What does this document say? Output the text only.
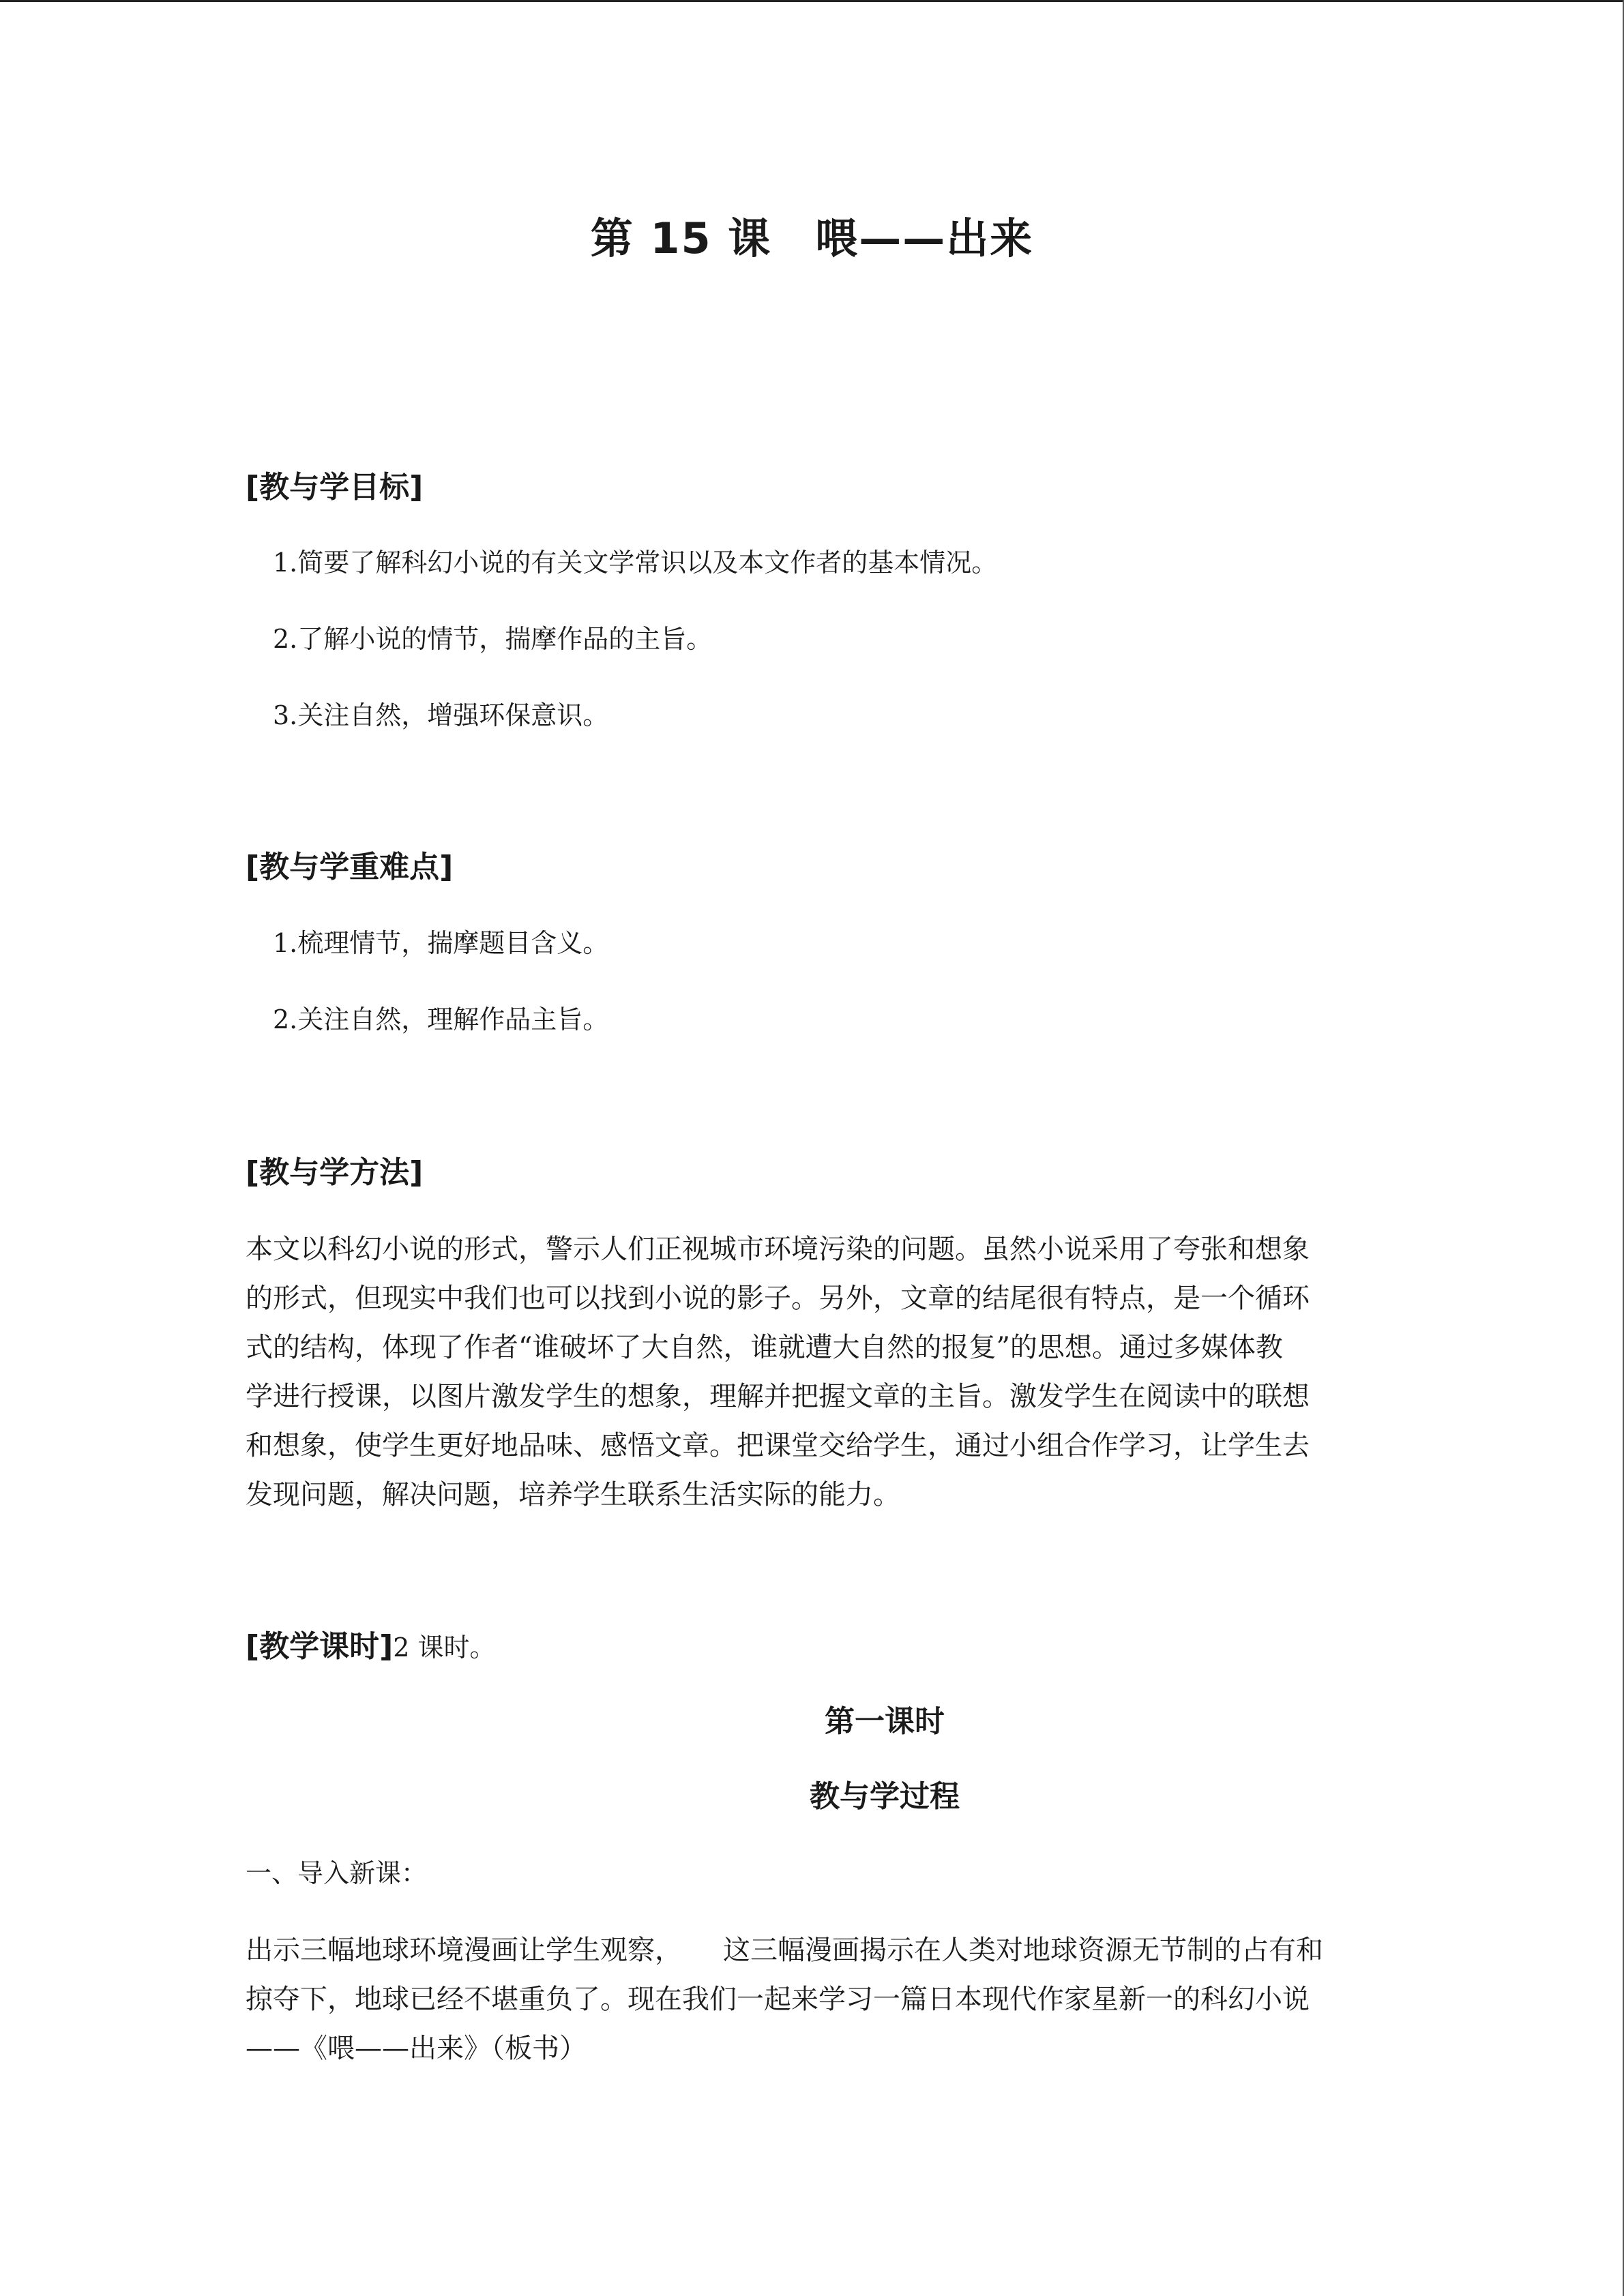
第 15 课　喂——出来
[教与学目标]
1.简要了解科幻小说的有关文学常识以及本文作者的基本情况。
2.了解小说的情节，揣摩作品的主旨。
3.关注自然，增强环保意识。
[教与学重难点]
1.梳理情节，揣摩题目含义。
2.关注自然，理解作品主旨。
[教与学方法]
本文以科幻小说的形式，警示人们正视城市环境污染的问题。虽然小说采用了夸张和想象
的形式，但现实中我们也可以找到小说的影子。另外，文章的结尾很有特点，是一个循环
式的结构，体现了作者“谁破坏了大自然，谁就遭大自然的报复”的思想。通过多媒体教
学进行授课，以图片激发学生的想象，理解并把握文章的主旨。激发学生在阅读中的联想
和想象，使学生更好地品味、感悟文章。把课堂交给学生，通过小组合作学习，让学生去
发现问题，解决问题，培养学生联系生活实际的能力。
[教学课时]2 课时。
第一课时
教与学过程
一、导入新课：
出示三幅地球环境漫画让学生观察，　　这三幅漫画揭示在人类对地球资源无节制的占有和
掠夺下，地球已经不堪重负了。现在我们一起来学习一篇日本现代作家星新一的科幻小说
——《喂——出来》（板书）
